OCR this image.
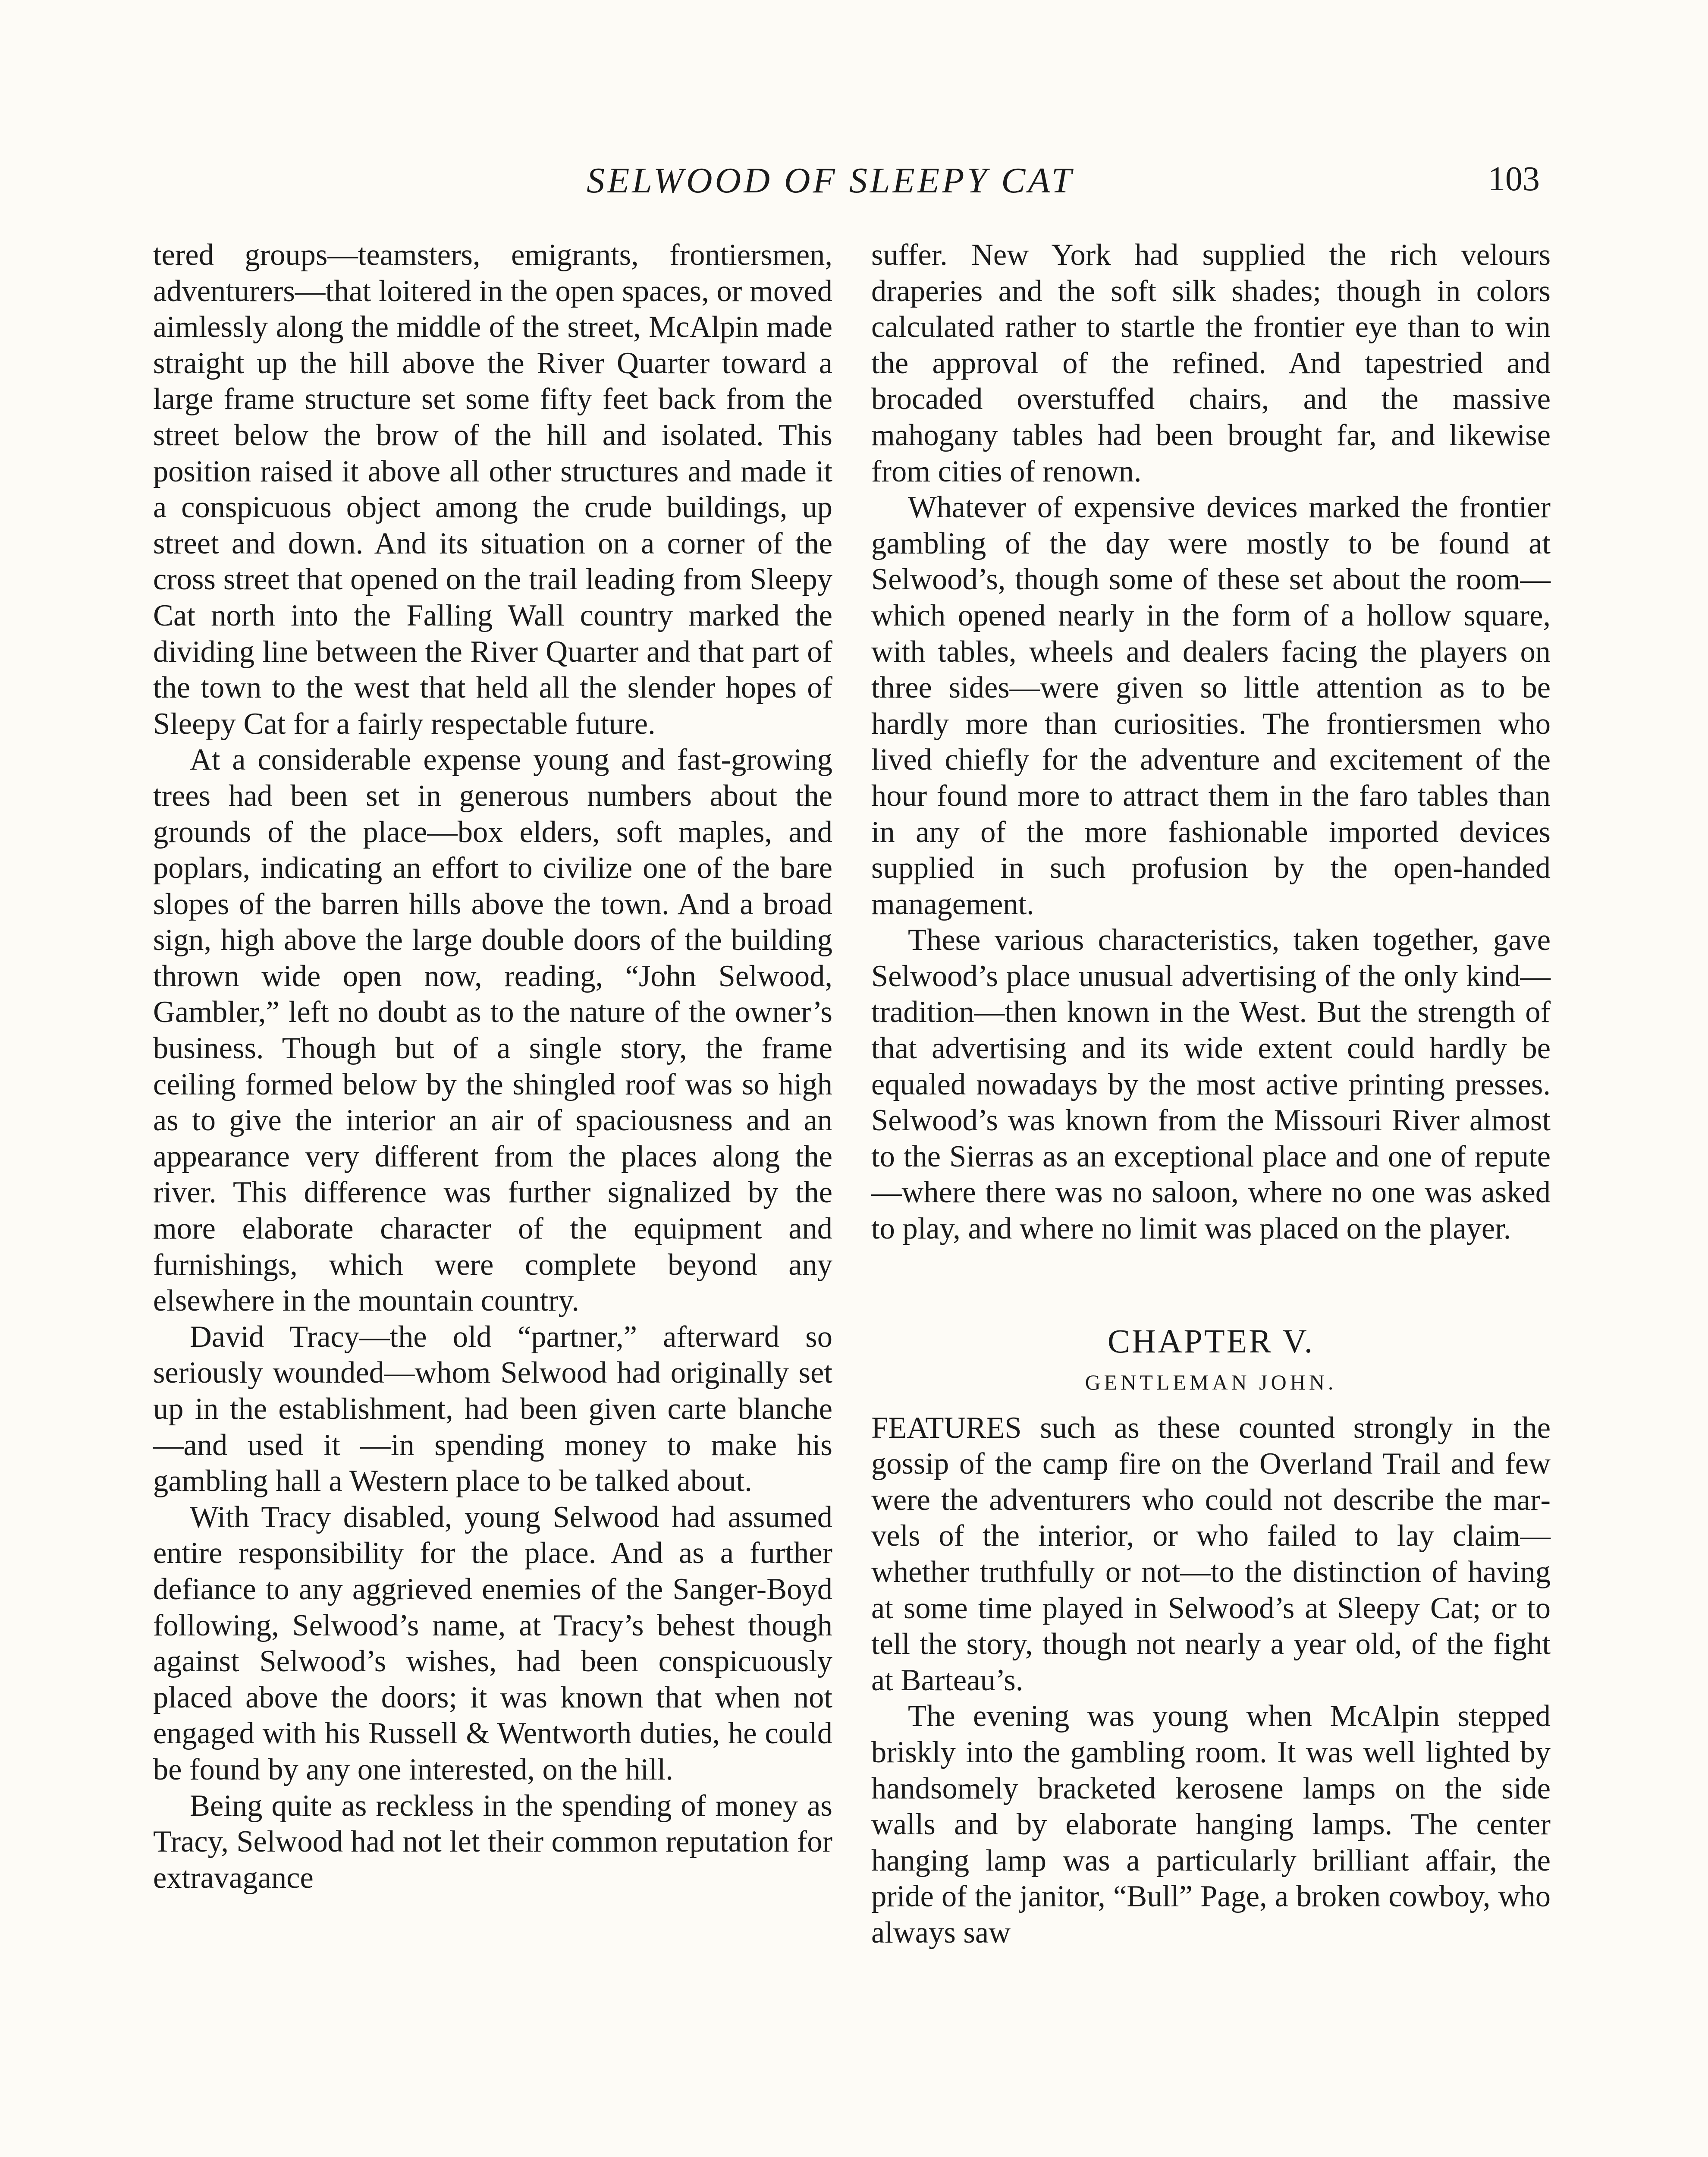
SELWOOD OF SLEEPY CAT	103

tered groups—teamsters, emigrants, frontiersmen, adventurers—that loitered in the open spaces, or moved aimlessly along the middle of the street, McAlpin made straight up the hill above the River Quarter toward a large frame structure set some fifty feet back from the street below the brow of the hill and isolated. This position raised it above all other structures and made it a conspicuous object among the crude buildings, up street and down. And its situation on a corner of the cross street that opened on the trail leading from Sleepy Cat north into the Falling Wall country marked the dividing line between the River Quarter and that part of the town to the west that held all the slender hopes of Sleepy Cat for a fairly respectable future.

At a considerable expense young and fast-growing trees had been set in generous numbers about the grounds of the place—box elders, soft maples, and poplars, indicating an effort to civilize one of the bare slopes of the barren hills above the town. And a broad sign, high above the large double doors of the building thrown wide open now, reading, “John Selwood, Gambler,” left no doubt as to the nature of the owner’s business. Though but of a single story, the frame ceiling formed below by the shingled roof was so high as to give the interior an air of spaciousness and an appearance very different from the places along the river. This difference was further signalized by the more elaborate character of the equipment and furnishings, which were complete beyond any elsewhere in the mountain country.

David Tracy—the old “partner,” afterward so seriously wounded—whom Selwood had originally set up in the establishment, had been given carte blanche—and used it —in spending money to make his gambling hall a Western place to be talked about.

With Tracy disabled, young Selwood had assumed entire responsibility for the place. And as a further defiance to any aggrieved enemies of the Sanger-Boyd following, Selwood’s name, at Tracy’s behest though against Selwood’s wishes, had been conspicuously placed above the doors; it was known that when not engaged with his Russell & Wentworth duties, he could be found by any one interested, on the hill.

Being quite as reckless in the spending of money as Tracy, Selwood had not let their common reputation for extravagance

suffer. New York had supplied the rich velours draperies and the soft silk shades; though in colors calculated rather to startle the frontier eye than to win the approval of the refined. And tapestried and brocaded overstuffed chairs, and the massive mahogany tables had been brought far, and likewise from cities of renown.

Whatever of expensive devices marked the frontier gambling of the day were mostly to be found at Selwood’s, though some of these set about the room—which opened nearly in the form of a hollow square, with tables, wheels and dealers facing the players on three sides—were given so little attention as to be hardly more than curiosities. The frontiersmen who lived chiefly for the adventure and excitement of the hour found more to attract them in the faro tables than in any of the more fashionable imported devices supplied in such profusion by the open-handed management.

These various characteristics, taken together, gave Selwood’s place unusual advertising of the only kind—tradition—then known in the West. But the strength of that advertising and its wide extent could hardly be equaled nowadays by the most active printing presses. Selwood’s was known from the Missouri River almost to the Sierras as an exceptional place and one of repute—where there was no saloon, where no one was asked to play, and where no limit was placed on the player.

CHAPTER V.
GENTLEMAN JOHN.

FEATURES such as these counted strongly in the gossip of the camp fire on the Overland Trail and few were the adventurers who could not describe the marvels of the interior, or who failed to lay claim—whether truthfully or not—to the distinction of having at some time played in Selwood’s at Sleepy Cat; or to tell the story, though not nearly a year old, of the fight at Barteau’s.

The evening was young when McAlpin stepped briskly into the gambling room. It was well lighted by handsomely bracketed kerosene lamps on the side walls and by elaborate hanging lamps. The center hanging lamp was a particularly brilliant affair, the pride of the janitor, “Bull” Page, a broken cowboy, who always saw
